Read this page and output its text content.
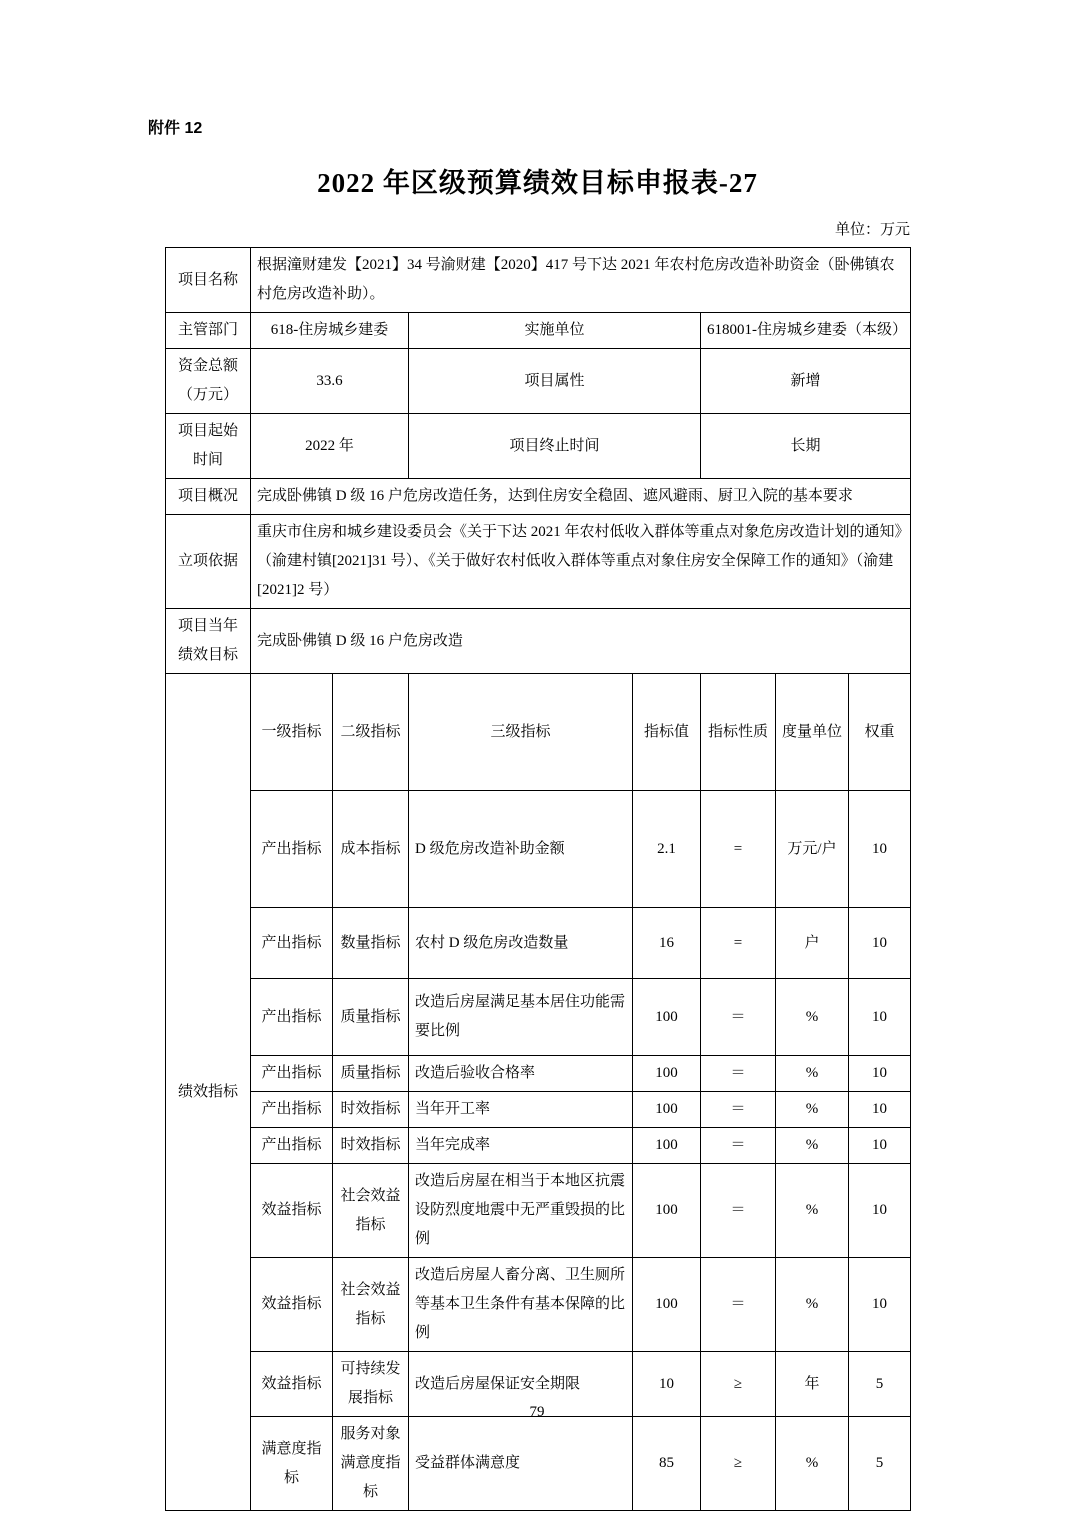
附件 12
2022 年区级预算绩效目标申报表-27
单位：万元
项目名称	根据潼财建发【2021】34 号渝财建【2020】417 号下达 2021 年农村危房改造补助资金（卧佛镇农村危房改造补助）。						
主管部门	618-住房城乡建委		实施单位		618001-住房城乡建委（本级）		
资金总额（万元）	33.6		项目属性		新增		
项目起始时间	2022 年		项目终止时间		长期		
项目概况	完成卧佛镇 D 级 16 户危房改造任务，达到住房安全稳固、遮风避雨、厨卫入院的基本要求						
立项依据	重庆市住房和城乡建设委员会《关于下达 2021 年农村低收入群体等重点对象危房改造计划的通知》（渝建村镇[2021]31 号）、《关于做好农村低收入群体等重点对象住房安全保障工作的通知》（渝建[2021]2 号）						
项目当年绩效目标	完成卧佛镇 D 级 16 户危房改造						
绩效指标	一级指标	二级指标	三级指标	指标值	指标性质	度量单位	权重
	产出指标	成本指标	D 级危房改造补助金额	2.1	=	万元/户	10
	产出指标	数量指标	农村 D 级危房改造数量	16	=	户	10
	产出指标	质量指标	改造后房屋满足基本居住功能需要比例	100	＝	%	10
	产出指标	质量指标	改造后验收合格率	100	＝	%	10
	产出指标	时效指标	当年开工率	100	＝	%	10
	产出指标	时效指标	当年完成率	100	＝	%	10
	效益指标	社会效益指标	改造后房屋在相当于本地区抗震设防烈度地震中无严重毁损的比例	100	＝	%	10
	效益指标	社会效益指标	改造后房屋人畜分离、卫生厕所等基本卫生条件有基本保障的比例	100	＝	%	10
	效益指标	可持续发展指标	改造后房屋保证安全期限	10	≥	年	5
	满意度指标	服务对象满意度指标	受益群体满意度	85	≥	%	5
79
